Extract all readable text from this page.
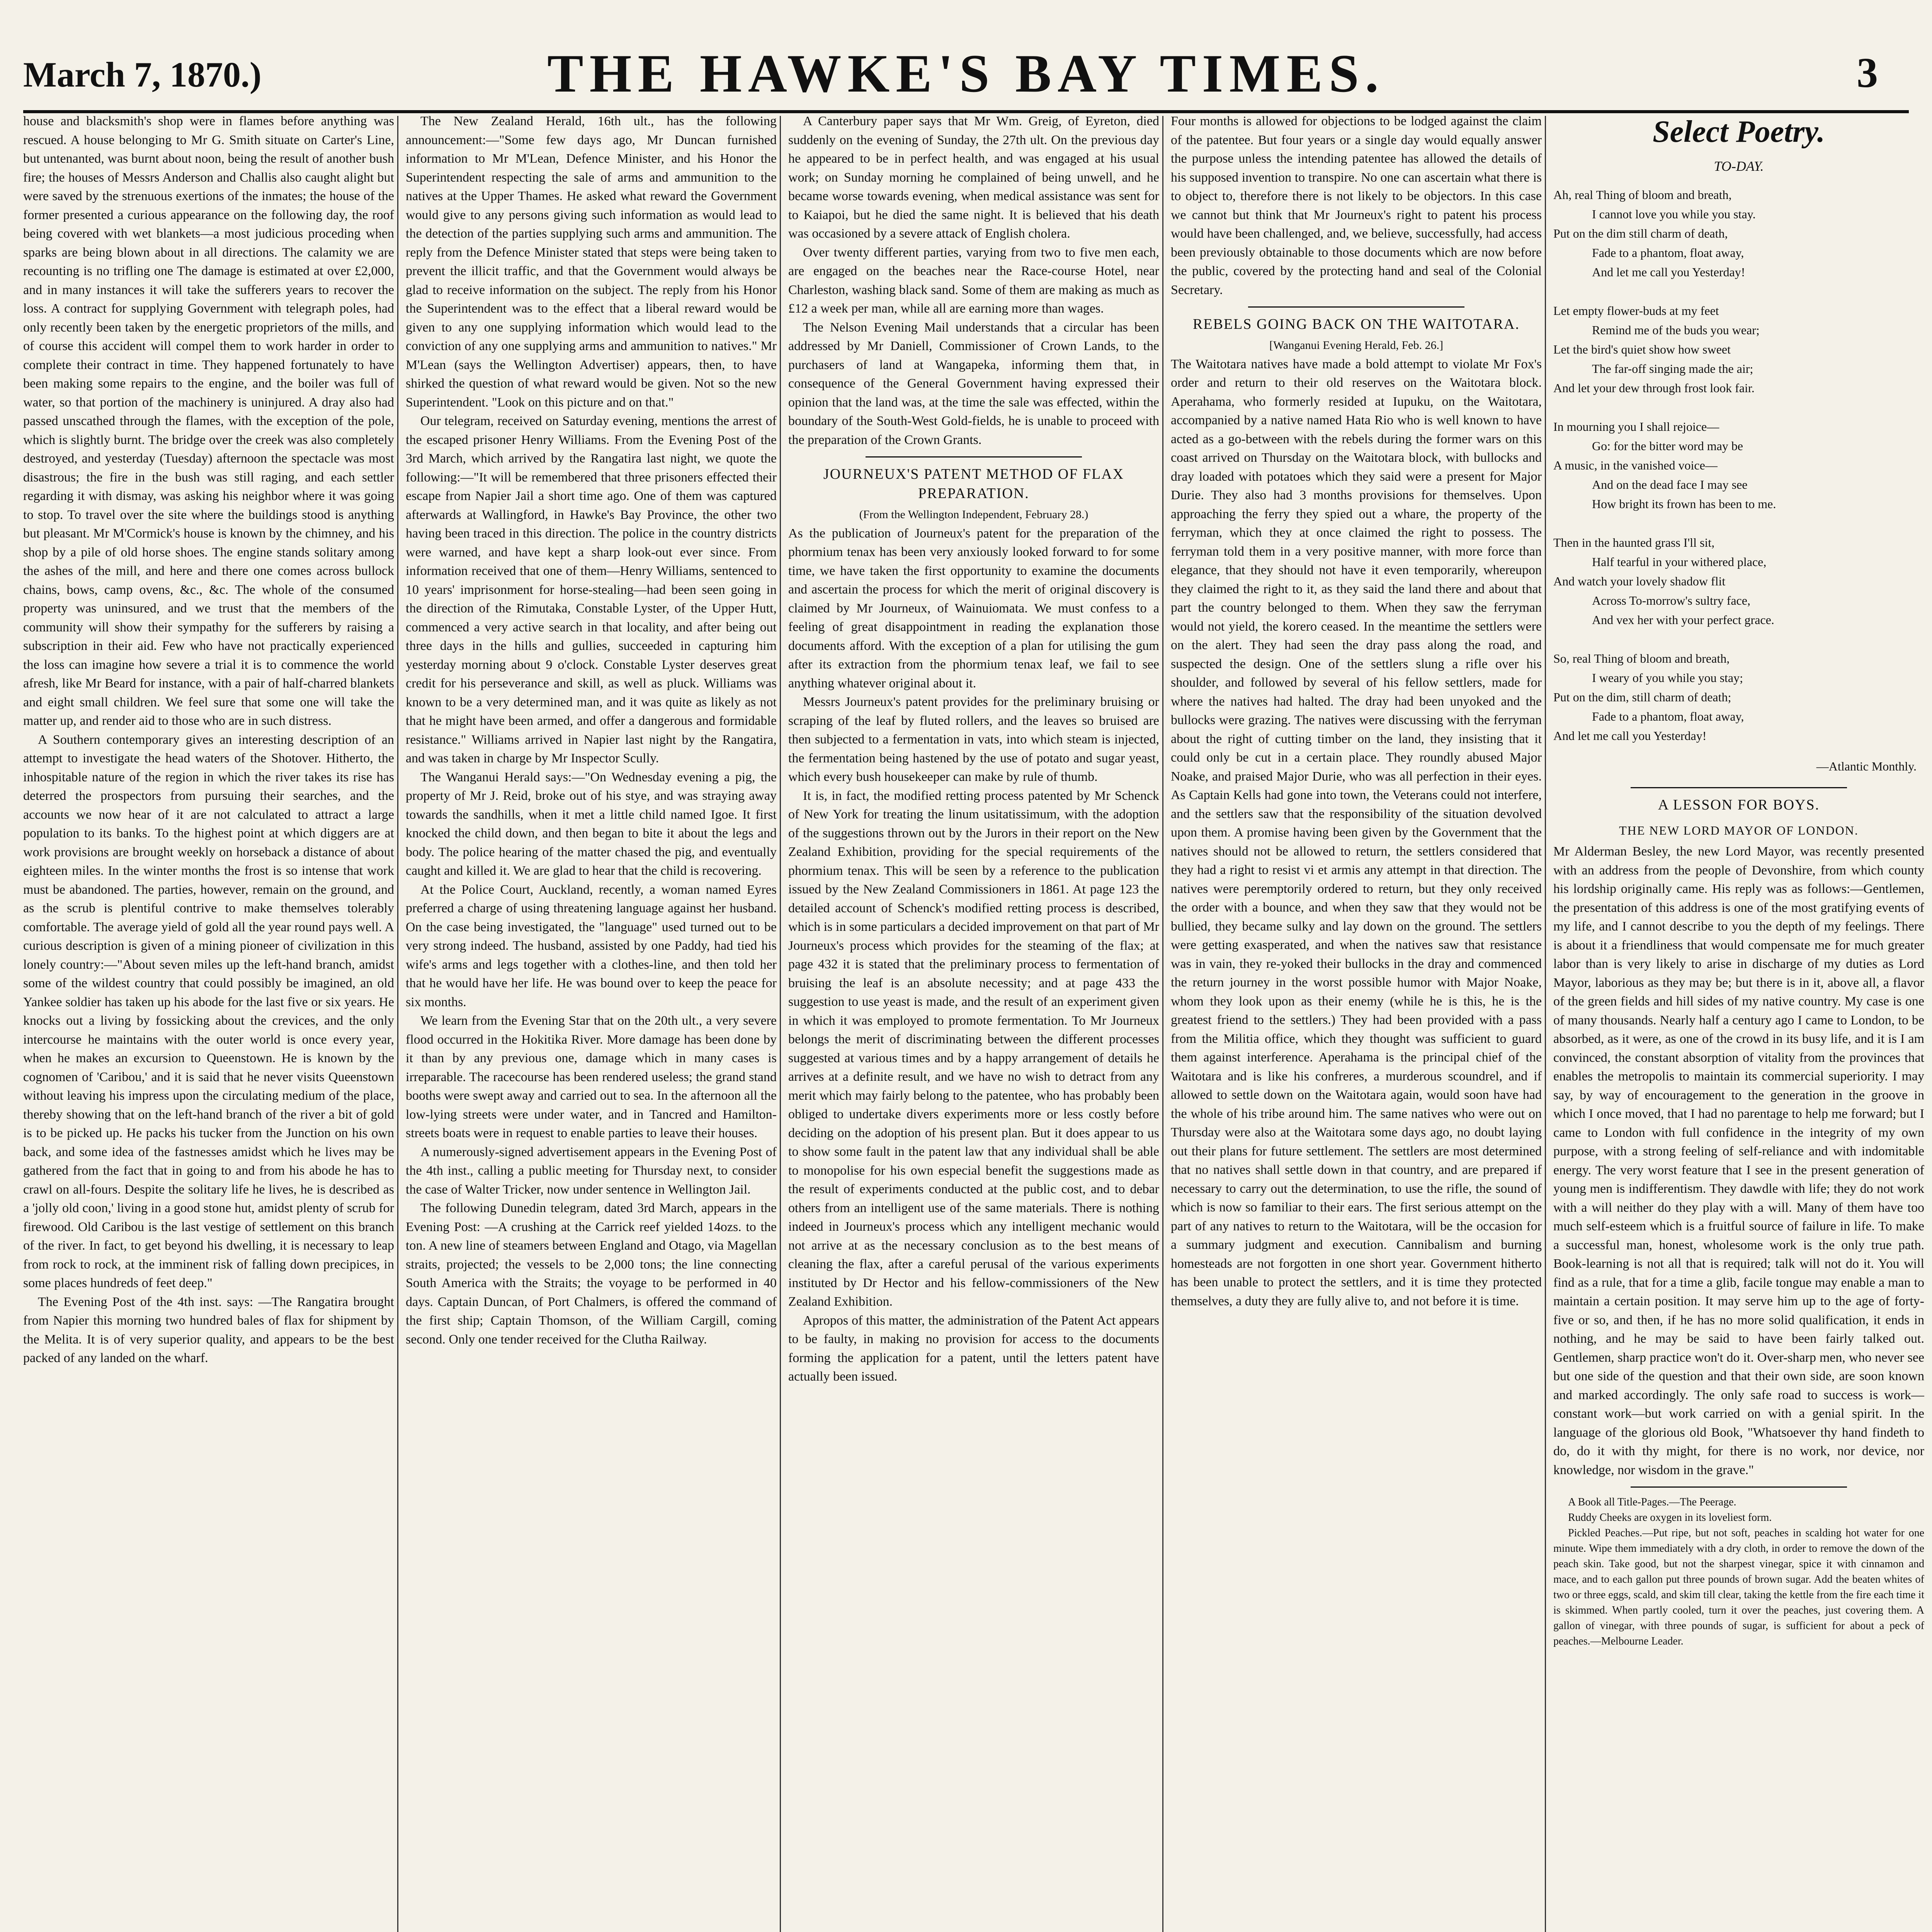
March 7, 1870.)	THE HAWKE'S BAY TIMES.	3

house and blacksmith's shop were in flames before anything was rescued. A house belonging to Mr G. Smith situate on Carter's Line, but untenanted, was burnt about noon, being the result of another bush fire; the houses of Messrs Anderson and Challis also caught alight but were saved by the strenuous exertions of the inmates; the house of the former presented a curious appearance on the following day, the roof being covered with wet blankets—a most judicious proceding when sparks are being blown about in all directions. The calamity we are recounting is no trifling one The damage is estimated at over £2,000, and in many instances it will take the sufferers years to recover the loss. A contract for supplying Government with telegraph poles, had only recently been taken by the energetic proprietors of the mills, and of course this accident will compel them to work harder in order to complete their contract in time. They happened fortunately to have been making some repairs to the engine, and the boiler was full of water, so that portion of the machinery is uninjured. A dray also had passed unscathed through the flames, with the exception of the pole, which is slightly burnt. The bridge over the creek was also completely destroyed, and yesterday (Tuesday) afternoon the spectacle was most disastrous; the fire in the bush was still raging, and each settler regarding it with dismay, was asking his neighbor where it was going to stop. To travel over the site where the buildings stood is anything but pleasant. Mr M'Cormick's house is known by the chimney, and his shop by a pile of old horse shoes. The engine stands solitary among the ashes of the mill, and here and there one comes across bullock chains, bows, camp ovens, &c., &c. The whole of the consumed property was uninsured, and we trust that the members of the community will show their sympathy for the sufferers by raising a subscription in their aid. Few who have not practically experienced the loss can imagine how severe a trial it is to commence the world afresh, like Mr Beard for instance, with a pair of half-charred blankets and eight small children. We feel sure that some one will take the matter up, and render aid to those who are in such distress.

A Southern contemporary gives an interesting description of an attempt to investigate the head waters of the Shotover. Hitherto, the inhospitable nature of the region in which the river takes its rise has deterred the prospectors from pursuing their searches, and the accounts we now hear of it are not calculated to attract a large population to its banks. To the highest point at which diggers are at work provisions are brought weekly on horseback a distance of about eighteen miles. In the winter months the frost is so intense that work must be abandoned. The parties, however, remain on the ground, and as the scrub is plentiful contrive to make themselves tolerably comfortable. The average yield of gold all the year round pays well. A curious description is given of a mining pioneer of civilization in this lonely country:—"About seven miles up the left-hand branch, amidst some of the wildest country that could possibly be imagined, an old Yankee soldier has taken up his abode for the last five or six years. He knocks out a living by fossicking about the crevices, and the only intercourse he maintains with the outer world is once every year, when he makes an excursion to Queenstown. He is known by the cognomen of 'Caribou,' and it is said that he never visits Queenstown without leaving his impress upon the circulating medium of the place, thereby showing that on the left-hand branch of the river a bit of gold is to be picked up. He packs his tucker from the Junction on his own back, and some idea of the fastnesses amidst which he lives may be gathered from the fact that in going to and from his abode he has to crawl on all-fours. Despite the solitary life he lives, he is described as a 'jolly old coon,' living in a good stone hut, amidst plenty of scrub for firewood. Old Caribou is the last vestige of settlement on this branch of the river. In fact, to get beyond his dwelling, it is necessary to leap from rock to rock, at the imminent risk of falling down precipices, in some places hundreds of feet deep."

The Evening Post of the 4th inst. says: —The Rangatira brought from Napier this morning two hundred bales of flax for shipment by the Melita. It is of very superior quality, and appears to be the best packed of any landed on the wharf.

The New Zealand Herald, 16th ult., has the following announcement:—"Some few days ago, Mr Duncan furnished information to Mr M'Lean, Defence Minister, and his Honor the Superintendent respecting the sale of arms and ammunition to the natives at the Upper Thames. He asked what reward the Government would give to any persons giving such information as would lead to the detection of the parties supplying such arms and ammunition. The reply from the Defence Minister stated that steps were being taken to prevent the illicit traffic, and that the Government would always be glad to receive information on the subject. The reply from his Honor the Superintendent was to the effect that a liberal reward would be given to any one supplying information which would lead to the conviction of any one supplying arms and ammunition to natives." Mr M'Lean (says the Wellington Advertiser) appears, then, to have shirked the question of what reward would be given. Not so the new Superintendent. "Look on this picture and on that."

Our telegram, received on Saturday evening, mentions the arrest of the escaped prisoner Henry Williams. From the Evening Post of the 3rd March, which arrived by the Rangatira last night, we quote the following:—"It will be remembered that three prisoners effected their escape from Napier Jail a short time ago. One of them was captured afterwards at Wallingford, in Hawke's Bay Province, the other two having been traced in this direction. The police in the country districts were warned, and have kept a sharp look-out ever since. From information received that one of them—Henry Williams, sentenced to 10 years' imprisonment for horse-stealing—had been seen going in the direction of the Rimutaka, Constable Lyster, of the Upper Hutt, commenced a very active search in that locality, and after being out three days in the hills and gullies, succeeded in capturing him yesterday morning about 9 o'clock. Constable Lyster deserves great credit for his perseverance and skill, as well as pluck. Williams was known to be a very determined man, and it was quite as likely as not that he might have been armed, and offer a dangerous and formidable resistance." Williams arrived in Napier last night by the Rangatira, and was taken in charge by Mr Inspector Scully.

The Wanganui Herald says:—"On Wednesday evening a pig, the property of Mr J. Reid, broke out of his stye, and was straying away towards the sandhills, when it met a little child named Igoe. It first knocked the child down, and then began to bite it about the legs and body. The police hearing of the matter chased the pig, and eventually caught and killed it. We are glad to hear that the child is recovering.

At the Police Court, Auckland, recently, a woman named Eyres preferred a charge of using threatening language against her husband. On the case being investigated, the "language" used turned out to be very strong indeed. The husband, assisted by one Paddy, had tied his wife's arms and legs together with a clothes-line, and then told her that he would have her life. He was bound over to keep the peace for six months.

We learn from the Evening Star that on the 20th ult., a very severe flood occurred in the Hokitika River. More damage has been done by it than by any previous one, damage which in many cases is irreparable. The racecourse has been rendered useless; the grand stand booths were swept away and carried out to sea. In the afternoon all the low-lying streets were under water, and in Tancred and Hamilton-streets boats were in request to enable parties to leave their houses.

A numerously-signed advertisement appears in the Evening Post of the 4th inst., calling a public meeting for Thursday next, to consider the case of Walter Tricker, now under sentence in Wellington Jail.

The following Dunedin telegram, dated 3rd March, appears in the Evening Post: —A crushing at the Carrick reef yielded 14ozs. to the ton. A new line of steamers between England and Otago, via Magellan straits, projected; the vessels to be 2,000 tons; the line connecting South America with the Straits; the voyage to be performed in 40 days. Captain Duncan, of Port Chalmers, is offered the command of the first ship; Captain Thomson, of the William Cargill, coming second. Only one tender received for the Clutha Railway.

A Canterbury paper says that Mr Wm. Greig, of Eyreton, died suddenly on the evening of Sunday, the 27th ult. On the previous day he appeared to be in perfect health, and was engaged at his usual work; on Sunday morning he complained of being unwell, and he became worse towards evening, when medical assistance was sent for to Kaiapoi, but he died the same night. It is believed that his death was occasioned by a severe attack of English cholera.

Over twenty different parties, varying from two to five men each, are engaged on the beaches near the Race-course Hotel, near Charleston, washing black sand. Some of them are making as much as £12 a week per man, while all are earning more than wages.

The Nelson Evening Mail understands that a circular has been addressed by Mr Daniell, Commissioner of Crown Lands, to the purchasers of land at Wangapeka, informing them that, in consequence of the General Government having expressed their opinion that the land was, at the time the sale was effected, within the boundary of the South-West Gold-fields, he is unable to proceed with the preparation of the Crown Grants.

JOURNEUX'S PATENT METHOD OF FLAX PREPARATION.

(From the Wellington Independent, February 28.)

As the publication of Journeux's patent for the preparation of the phormium tenax has been very anxiously looked forward to for some time, we have taken the first opportunity to examine the documents and ascertain the process for which the merit of original discovery is claimed by Mr Journeux, of Wainuiomata. We must confess to a feeling of great disappointment in reading the explanation those documents afford. With the exception of a plan for utilising the gum after its extraction from the phormium tenax leaf, we fail to see anything whatever original about it.

Messrs Journeux's patent provides for the preliminary bruising or scraping of the leaf by fluted rollers, and the leaves so bruised are then subjected to a fermentation in vats, into which steam is injected, the fermentation being hastened by the use of potato and sugar yeast, which every bush housekeeper can make by rule of thumb.

It is, in fact, the modified retting process patented by Mr Schenck of New York for treating the linum usitatissimum, with the adoption of the suggestions thrown out by the Jurors in their report on the New Zealand Exhibition, providing for the special requirements of the phormium tenax. This will be seen by a reference to the publication issued by the New Zealand Commissioners in 1861. At page 123 the detailed account of Schenck's modified retting process is described, which is in some particulars a decided improvement on that part of Mr Journeux's process which provides for the steaming of the flax; at page 432 it is stated that the preliminary process to fermentation of bruising the leaf is an absolute necessity; and at page 433 the suggestion to use yeast is made, and the result of an experiment given in which it was employed to promote fermentation. To Mr Journeux belongs the merit of discriminating between the different processes suggested at various times and by a happy arrangement of details he arrives at a definite result, and we have no wish to detract from any merit which may fairly belong to the patentee, who has probably been obliged to undertake divers experiments more or less costly before deciding on the adoption of his present plan. But it does appear to us to show some fault in the patent law that any individual shall be able to monopolise for his own especial benefit the suggestions made as the result of experiments conducted at the public cost, and to debar others from an intelligent use of the same materials. There is nothing indeed in Journeux's process which any intelligent mechanic would not arrive at as the necessary conclusion as to the best means of cleaning the flax, after a careful perusal of the various experiments instituted by Dr Hector and his fellow-commissioners of the New Zealand Exhibition.

Apropos of this matter, the administration of the Patent Act appears to be faulty, in making no provision for access to the documents forming the application for a patent, until the letters patent have actually been issued.

Four months is allowed for objections to be lodged against the claim of the patentee. But four years or a single day would equally answer the purpose unless the intending patentee has allowed the details of his supposed invention to transpire. No one can ascertain what there is to object to, therefore there is not likely to be objectors. In this case we cannot but think that Mr Journeux's right to patent his process would have been challenged, and, we believe, successfully, had access been previously obtainable to those documents which are now before the public, covered by the protecting hand and seal of the Colonial Secretary.

REBELS GOING BACK ON THE WAITOTARA.

[Wanganui Evening Herald, Feb. 26.]

The Waitotara natives have made a bold attempt to violate Mr Fox's order and return to their old reserves on the Waitotara block. Aperahama, who formerly resided at Iupuku, on the Waitotara, accompanied by a native named Hata Rio who is well known to have acted as a go-between with the rebels during the former wars on this coast arrived on Thursday on the Waitotara block, with bullocks and dray loaded with potatoes which they said were a present for Major Durie. They also had 3 months provisions for themselves. Upon approaching the ferry they spied out a whare, the property of the ferryman, which they at once claimed the right to possess. The ferryman told them in a very positive manner, with more force than elegance, that they should not have it even temporarily, whereupon they claimed the right to it, as they said the land there and about that part the country belonged to them. When they saw the ferryman would not yield, the korero ceased. In the meantime the settlers were on the alert. They had seen the dray pass along the road, and suspected the design. One of the settlers slung a rifle over his shoulder, and followed by several of his fellow settlers, made for where the natives had halted. The dray had been unyoked and the bullocks were grazing. The natives were discussing with the ferryman about the right of cutting timber on the land, they insisting that it could only be cut in a certain place. They roundly abused Major Noake, and praised Major Durie, who was all perfection in their eyes. As Captain Kells had gone into town, the Veterans could not interfere, and the settlers saw that the responsibility of the situation devolved upon them. A promise having been given by the Government that the natives should not be allowed to return, the settlers considered that they had a right to resist vi et armis any attempt in that direction. The natives were peremptorily ordered to return, but they only received the order with a bounce, and when they saw that they would not be bullied, they became sulky and lay down on the ground. The settlers were getting exasperated, and when the natives saw that resistance was in vain, they re-yoked their bullocks in the dray and commenced the return journey in the worst possible humor with Major Noake, whom they look upon as their enemy (while he is this, he is the greatest friend to the settlers.) They had been provided with a pass from the Militia office, which they thought was sufficient to guard them against interference. Aperahama is the principal chief of the Waitotara and is like his confreres, a murderous scoundrel, and if allowed to settle down on the Waitotara again, would soon have had the whole of his tribe around him. The same natives who were out on Thursday were also at the Waitotara some days ago, no doubt laying out their plans for future settlement. The settlers are most determined that no natives shall settle down in that country, and are prepared if necessary to carry out the determination, to use the rifle, the sound of which is now so familiar to their ears. The first serious attempt on the part of any natives to return to the Waitotara, will be the occasion for a summary judgment and execution. Cannibalism and burning homesteads are not forgotten in one short year. Government hitherto has been unable to protect the settlers, and it is time they protected themselves, a duty they are fully alive to, and not before it is time.

Select Poetry.
TO-DAY.
Ah, real Thing of bloom and breath,
I cannot love you while you stay.
Put on the dim still charm of death,
Fade to a phantom, float away,
And let me call you Yesterday!

Let empty flower-buds at my feet
Remind me of the buds you wear;
Let the bird's quiet show how sweet
The far-off singing made the air;
And let your dew through frost look fair.

In mourning you I shall rejoice—
Go: for the bitter word may be
A music, in the vanished voice—
And on the dead face I may see
How bright its frown has been to me.

Then in the haunted grass I'll sit,
Half tearful in your withered place,
And watch your lovely shadow flit
Across To-morrow's sultry face,
And vex her with your perfect grace.

So, real Thing of bloom and breath,
I weary of you while you stay;
Put on the dim, still charm of death;
Fade to a phantom, float away,
And let me call you Yesterday!
—Atlantic Monthly.
A LESSON FOR BOYS.
THE NEW LORD MAYOR OF LONDON.

Mr Alderman Besley, the new Lord Mayor, was recently presented with an address from the people of Devonshire, from which county his lordship originally came. His reply was as follows:—Gentlemen, the presentation of this address is one of the most gratifying events of my life, and I cannot describe to you the depth of my feelings. There is about it a friendliness that would compensate me for much greater labor than is very likely to arise in discharge of my duties as Lord Mayor, laborious as they may be; but there is in it, above all, a flavor of the green fields and hill sides of my native country. My case is one of many thousands. Nearly half a century ago I came to London, to be absorbed, as it were, as one of the crowd in its busy life, and it is I am convinced, the constant absorption of vitality from the provinces that enables the metropolis to maintain its commercial superiority. I may say, by way of encouragement to the generation in the groove in which I once moved, that I had no parentage to help me forward; but I came to London with full confidence in the integrity of my own purpose, with a strong feeling of self-reliance and with indomitable energy. The very worst feature that I see in the present generation of young men is indifferentism. They dawdle with life; they do not work with a will neither do they play with a will. Many of them have too much self-esteem which is a fruitful source of failure in life. To make a successful man, honest, wholesome work is the only true path. Book-learning is not all that is required; talk will not do it. You will find as a rule, that for a time a glib, facile tongue may enable a man to maintain a certain position. It may serve him up to the age of forty-five or so, and then, if he has no more solid qualification, it ends in nothing, and he may be said to have been fairly talked out. Gentlemen, sharp practice won't do it. Over-sharp men, who never see but one side of the question and that their own side, are soon known and marked accordingly. The only safe road to success is work—constant work—but work carried on with a genial spirit. In the language of the glorious old Book, "Whatsoever thy hand findeth to do, do it with thy might, for there is no work, nor device, nor knowledge, nor wisdom in the grave."

A Book all Title-Pages.—The Peerage.

Ruddy Cheeks are oxygen in its loveliest form.

Pickled Peaches.—Put ripe, but not soft, peaches in scalding hot water for one minute. Wipe them immediately with a dry cloth, in order to remove the down of the peach skin. Take good, but not the sharpest vinegar, spice it with cinnamon and mace, and to each gallon put three pounds of brown sugar. Add the beaten whites of two or three eggs, scald, and skim till clear, taking the kettle from the fire each time it is skimmed. When partly cooled, turn it over the peaches, just covering them. A gallon of vinegar, with three pounds of sugar, is sufficient for about a peck of peaches.—Melbourne Leader.
